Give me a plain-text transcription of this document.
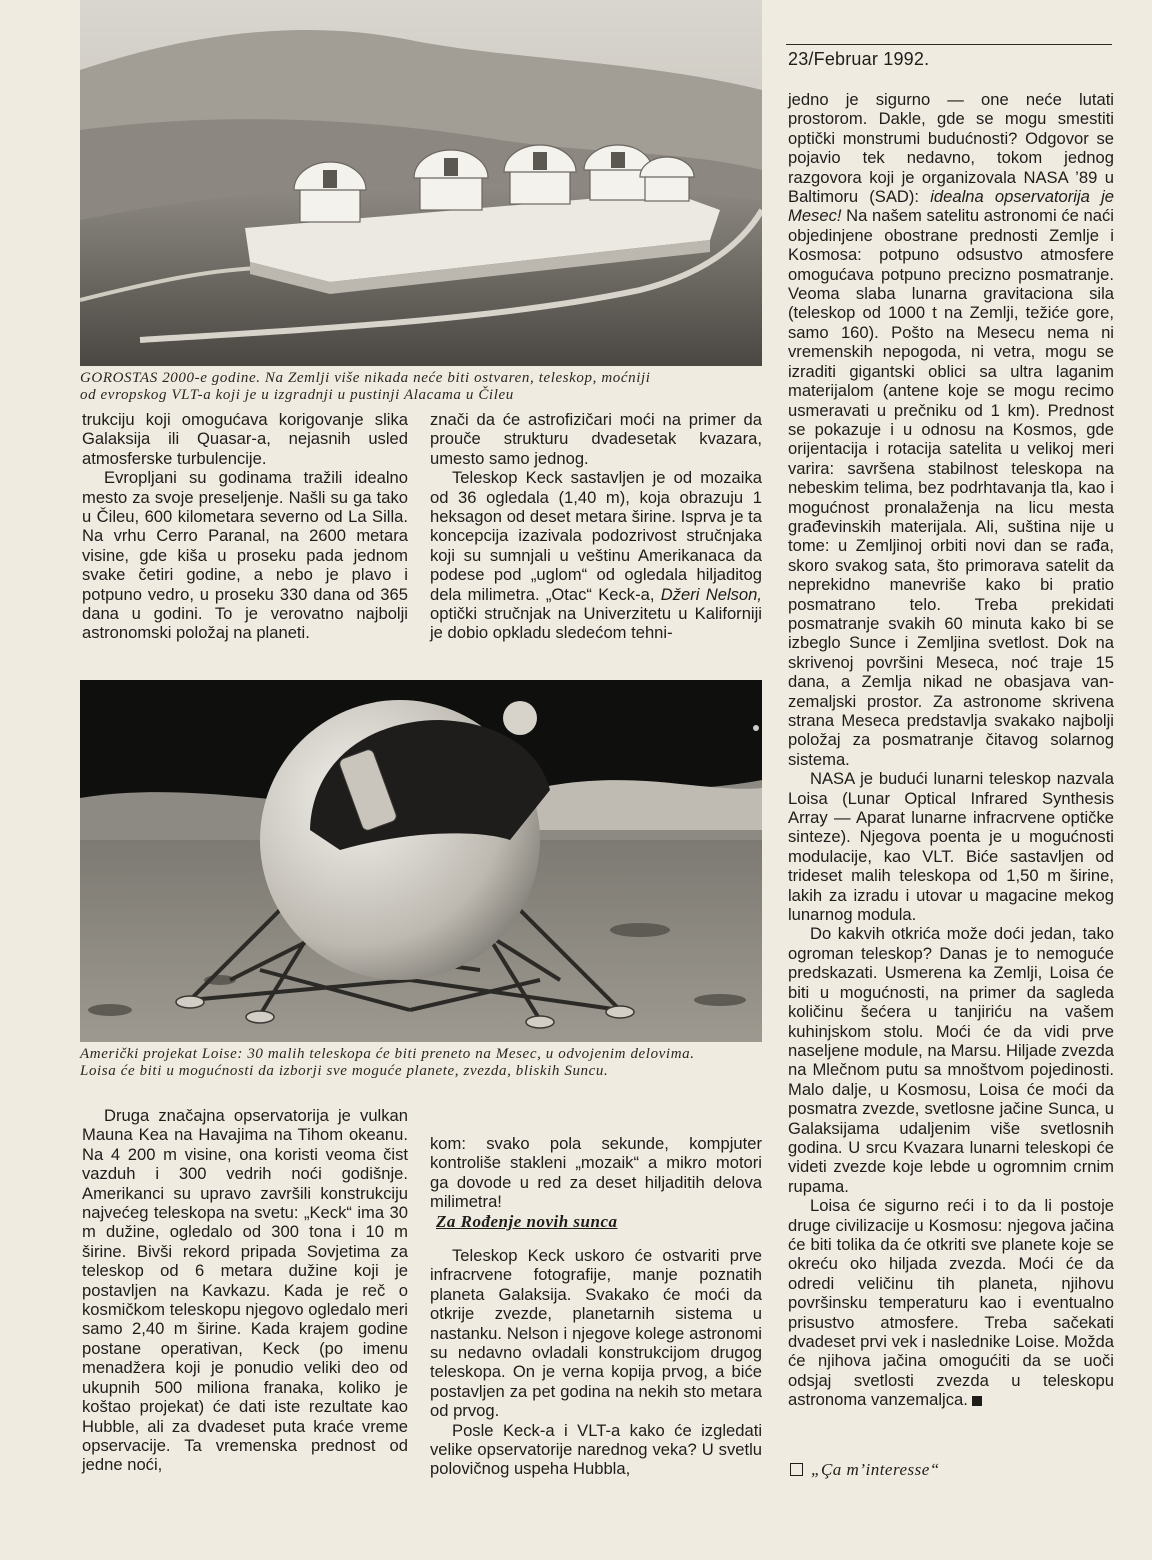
23/Februar 1992.
GOROSTAS 2000-e godine. Na Zemlji više nikada neće biti ostvaren, teleskop, moćniji
od evropskog VLT-a koji je u izgradnji u pustinji Alacama u Čileu

trukciju koji omogućava korigovanje slika Galaksija ili Quasar-a, nejasnih usled atmosferske turbulencije.

Evropljani su godinama tražili idealno mesto za svoje preseljenje. Našli su ga tako u Čileu, 600 kilometara severno od La Silla. Na vrhu Cerro Paranal, na 2600 metara visine, gde kiša u proseku pada jednom svake četiri godine, a nebo je plavo i potpuno vedro, u proseku 330 dana od 365 dana u godini. To je verovatno najbolji astronomski položaj na planeti.

znači da će astrofizičari moći na primer da prouče strukturu dvadesetak kvazara, umesto samo jednog.

Teleskop Keck sastavljen je od mozaika od 36 ogledala (1,40 m), koja obrazuju 1 heksagon od deset metara širine. Isprva je ta koncepcija izazivala podozrivost stručnjaka koji su sumnjali u veštinu Amerikanaca da podese pod „uglom“ od ogledala hiljaditog dela milimetra. „Otac“ Keck-a, Džeri Nelson, optički stručnjak na Univerzitetu u Kaliforniji je dobio opkladu sledećom tehni-

Američki projekat Loise: 30 malih teleskopa će biti preneto na Mesec, u odvojenim delovima.
Loisa će biti u mogućnosti da izborji sve moguće planete, zvezda, bliskih Suncu.

Druga značajna opservatorija je vulkan Mauna Kea na Havajima na Tihom okeanu. Na 4 200 m visine, ona koristi veoma čist vazduh i 300 vedrih noći godišnje. Amerikanci su upravo završili konstrukciju najvećeg teleskopa na svetu: „Keck“ ima 30 m dužine, ogledalo od 300 tona i 10 m širine. Bivši rekord pripada Sovjetima za teleskop od 6 metara dužine koji je postavljen na Kavkazu. Kada je reč o kosmičkom teleskopu njegovo ogledalo meri samo 2,40 m širine. Kada krajem godine postane operativan, Keck (po imenu menadžera koji je ponudio veliki deo od ukupnih 500 miliona franaka, koliko je koštao projekat) će dati iste rezultate kao Hubble, ali za dvadeset puta kraće vreme opservacije. Ta vremenska prednost od jedne noći,

kom: svako pola sekunde, kompjuter kontroliše stakleni „mozaik“ a mikro motori ga dovode u red za deset hiljaditih delova milimetra!

Za Rođenje novih sunca

Teleskop Keck uskoro će ostvariti prve infracrvene fotografije, manje poznatih planeta Galaksija. Svakako će moći da otkrije zvezde, planetarnih sistema u nastanku. Nelson i njegove kolege astronomi su nedavno ovladali konstrukcijom drugog teleskopa. On je verna kopija prvog, a biće postavljen za pet godina na nekih sto metara od prvog.

Posle Keck-a i VLT-a kako će izgledati velike opservatorije narednog veka? U svetlu polovičnog uspeha Hubbla,

jedno je sigurno — one neće lutati prostorom. Dakle, gde se mogu smestiti optički monstrumi budućnosti? Odgovor se pojavio tek nedavno, tokom jednog razgovora koji je organizovala NASA ’89 u Baltimoru (SAD): idealna opservatorija je Mesec! Na našem satelitu astronomi će naći objedinjene obostrane prednosti Zemlje i Kosmosa: potpuno odsustvo atmosfere omogućava potpuno precizno posmatranje. Veoma slaba lunarna gravitaciona sila (teleskop od 1000 t na Zemlji, težiće gore, samo 160). Pošto na Mesecu nema ni vremenskih nepogoda, ni vetra, mogu se izraditi gigantski oblici sa ultra laganim materijalom (antene koje se mogu recimo usmeravati u prečniku od 1 km). Prednost se pokazuje i u odnosu na Kosmos, gde orijentacija i rotacija satelita u velikoj meri varira: savršena stabilnost teleskopa na nebeskim telima, bez podrhtavanja tla, kao i mogućnost pronalaženja na licu mesta građevinskih materijala. Ali, suština nije u tome: u Zemljinoj orbiti novi dan se rađa, skoro svakog sata, što primorava satelit da neprekidno manevriše kako bi pratio posmatrano telo. Treba prekidati posmatranje svakih 60 minuta kako bi se izbeglo Sunce i Zemljina svetlost. Dok na skrivenoj površini Meseca, noć traje 15 dana, a Zemlja nikad ne obasjava van-zemaljski prostor. Za astronome skrivena strana Meseca predstavlja svakako najbolji položaj za posmatranje čitavog solarnog sistema.

NASA je budući lunarni teleskop nazvala Loisa (Lunar Optical Infrared Synthesis Array — Aparat lunarne infracrvene optičke sinteze). Njegova poenta je u mogućnosti modulacije, kao VLT. Biće sastavljen od trideset malih teleskopa od 1,50 m širine, lakih za izradu i utovar u magacine mekog lunarnog modula.

Do kakvih otkrića može doći jedan, tako ogroman teleskop? Danas je to nemoguće predskazati. Usmerena ka Zemlji, Loisa će biti u mogućnosti, na primer da sagleda količinu šećera u tanjiriću na vašem kuhinjskom stolu. Moći će da vidi prve naseljene module, na Marsu. Hiljade zvezda na Mlečnom putu sa mnoštvom pojedinosti. Malo dalje, u Kosmosu, Loisa će moći da posmatra zvezde, svetlosne jačine Sunca, u Galaksijama udaljenim više svetlosnih godina. U srcu Kvazara lunarni teleskopi će videti zvezde koje lebde u ogromnim crnim rupama.

Loisa će sigurno reći i to da li postoje druge civilizacije u Kosmosu: njegova jačina će biti tolika da će otkriti sve planete koje se okreću oko hiljada zvezda. Moći će da odredi veličinu tih planeta, njihovu površinsku temperaturu kao i eventualno prisustvo atmosfere. Treba sačekati dvadeset prvi vek i naslednike Loise. Možda će njihova jačina omogućiti da se uoči odsjaj svetlosti zvezda u teleskopu astronoma vanzemaljca.

„Ça m’interesse“
